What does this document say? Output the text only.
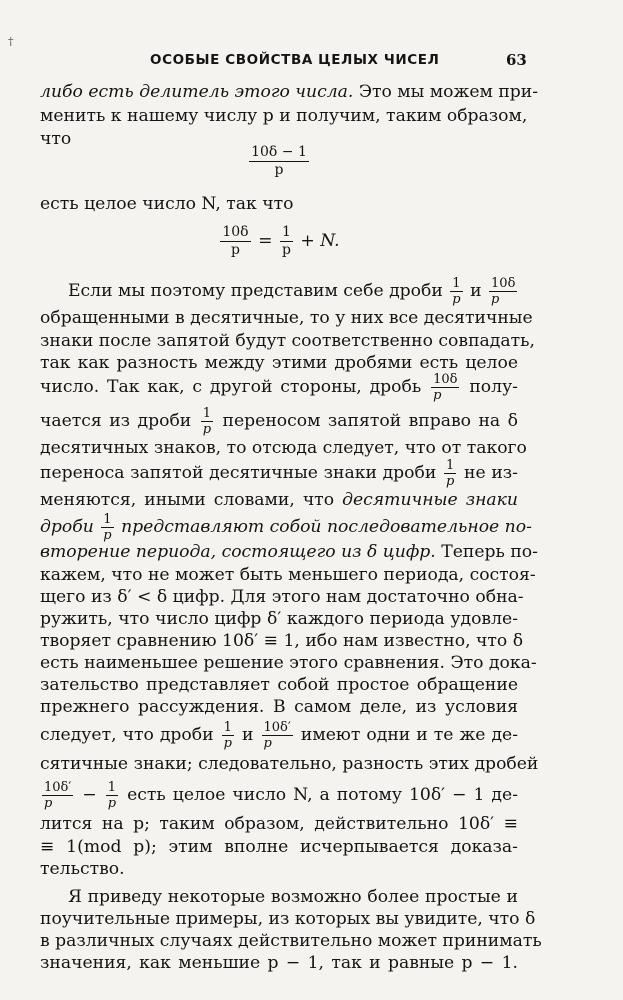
†
ОСОБЫЕ СВОЙСТВА ЦЕЛЫХ ЧИСЕЛ	63
либо есть делитель этого числа. Это мы можем при-
менить к нашему числу p и получим, таким образом,
что
$\frac{10\delta - 1}{p}$
есть целое число N, так что
$\frac{10\delta}{p} = \frac{1}{p} + N$.
Если мы поэтому представим себе дроби $\frac{1}{p}$ и $\frac{10\delta}{p}$
обращенными в десятичные, то у них все десятичные
знаки после запятой будут соответственно совпадать,
так как разность между этими дробями есть целое
число. Так как, с другой стороны, дробь $\frac{10\delta}{p}$ полу-
чается из дроби $\frac{1}{p}$ переносом запятой вправо на δ
десятичных знаков, то отсюда следует, что от такого
переноса запятой десятичные знаки дроби $\frac{1}{p}$ не из-
меняются, иными словами, что десятичные знаки
дроби $\frac{1}{p}$ представляют собой последовательное по-
вторение периода, состоящего из δ цифр. Теперь по-
кажем, что не может быть меньшего периода, состоя-
щего из δ′ < δ цифр. Для этого нам достаточно обна-
ружить, что число цифр δ′ каждого периода удовле-
творяет сравнению 10δ′ ≡ 1, ибо нам известно, что δ
есть наименьшее решение этого сравнения. Это дока-
зательство представляет собой простое обращение
прежнего рассуждения. В самом деле, из условия
следует, что дроби $\frac{1}{p}$ и $\frac{10\delta'}{p}$ имеют одни и те же де-
сятичные знаки; следовательно, разность этих дробей
$\frac{10\delta'}{p} - \frac{1}{p}$ есть целое число N, а потому 10δ′ − 1 де-
лится на p; таким образом, действительно 10δ′ ≡
≡ 1(mod p); этим вполне исчерпывается доказа-
тельство.
Я приведу некоторые возможно более простые и
поучительные примеры, из которых вы увидите, что δ
в различных случаях действительно может принимать
значения, как меньшие p − 1, так и равные p − 1.
